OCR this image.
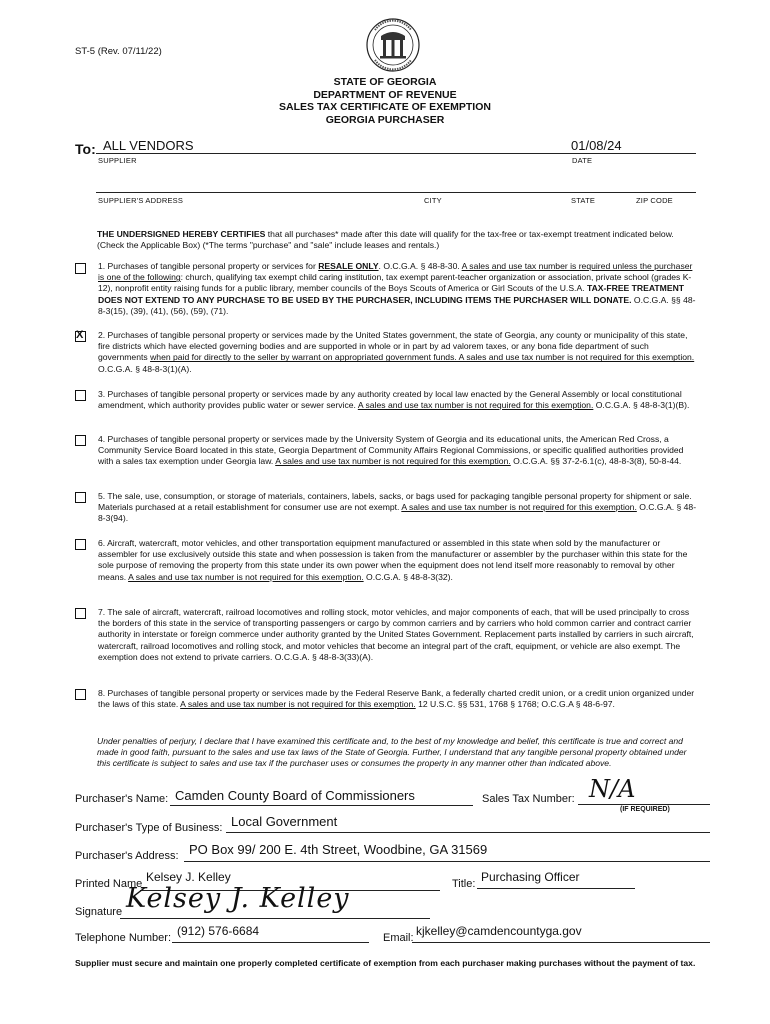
ST-5 (Rev. 07/11/22)
STATE OF GEORGIA
DEPARTMENT OF REVENUE
SALES TAX CERTIFICATE OF EXEMPTION
GEORGIA PURCHASER
To: ALL VENDORS
SUPPLIER
01/08/24
DATE
SUPPLIER'S ADDRESS	CITY	STATE	ZIP CODE
THE UNDERSIGNED HEREBY CERTIFIES that all purchases* made after this date will qualify for the tax-free or tax-exempt treatment indicated below. (Check the Applicable Box) (*The terms "purchase" and "sale" include leases and rentals.)
1. Purchases of tangible personal property or services for RESALE ONLY. O.C.G.A. § 48-8-30. A sales and use tax number is required unless the purchaser is one of the following: church, qualifying tax exempt child caring institution, tax exempt parent-teacher organization or association, private school (grades K-12), nonprofit entity raising funds for a public library, member councils of the Boys Scouts of America or Girl Scouts of the U.S.A. TAX-FREE TREATMENT DOES NOT EXTEND TO ANY PURCHASE TO BE USED BY THE PURCHASER, INCLUDING ITEMS THE PURCHASER WILL DONATE. O.C.G.A. §§ 48-8-3(15), (39), (41), (56), (59), (71).
X
2. Purchases of tangible personal property or services made by the United States government, the state of Georgia, any county or municipality of this state, fire districts which have elected governing bodies and are supported in whole or in part by ad valorem taxes, or any bona fide department of such governments when paid for directly to the seller by warrant on appropriated government funds. A sales and use tax number is not required for this exemption. O.C.G.A. § 48-8-3(1)(A).
3. Purchases of tangible personal property or services made by any authority created by local law enacted by the General Assembly or local constitutional amendment, which authority provides public water or sewer service. A sales and use tax number is not required for this exemption. O.C.G.A. § 48-8-3(1)(B).
4. Purchases of tangible personal property or services made by the University System of Georgia and its educational units, the American Red Cross, a Community Service Board located in this state, Georgia Department of Community Affairs Regional Commissions, or specific qualified authorities provided with a sales tax exemption under Georgia law. A sales and use tax number is not required for this exemption. O.C.G.A. §§ 37-2-6.1(c), 48-8-3(8), 50-8-44.
5. The sale, use, consumption, or storage of materials, containers, labels, sacks, or bags used for packaging tangible personal property for shipment or sale. Materials purchased at a retail establishment for consumer use are not exempt. A sales and use tax number is not required for this exemption. O.C.G.A. § 48-8-3(94).
6. Aircraft, watercraft, motor vehicles, and other transportation equipment manufactured or assembled in this state when sold by the manufacturer or assembler for use exclusively outside this state and when possession is taken from the manufacturer or assembler by the purchaser within this state for the sole purpose of removing the property from this state under its own power when the equipment does not lend itself more reasonably to removal by other means. A sales and use tax number is not required for this exemption. O.C.G.A. § 48-8-3(32).
7. The sale of aircraft, watercraft, railroad locomotives and rolling stock, motor vehicles, and major components of each, that will be used principally to cross the borders of this state in the service of transporting passengers or cargo by common carriers and by carriers who hold common carrier and contract carrier authority in interstate or foreign commerce under authority granted by the United States Government. Replacement parts installed by carriers in such aircraft, watercraft, railroad locomotives and rolling stock, and motor vehicles that become an integral part of the craft, equipment, or vehicle are also exempt. The exemption does not extend to private carriers. O.C.G.A. § 48-8-3(33)(A).
8. Purchases of tangible personal property or services made by the Federal Reserve Bank, a federally charted credit union, or a credit union organized under the laws of this state. A sales and use tax number is not required for this exemption. 12 U.S.C. §§ 531, 1768 § 1768; O.C.G.A § 48-6-97.
Under penalties of perjury, I declare that I have examined this certificate and, to the best of my knowledge and belief, this certificate is true and correct and made in good faith, pursuant to the sales and use tax laws of the State of Georgia. Further, I understand that any tangible personal property obtained under this certificate is subject to sales and use tax if the purchaser uses or consumes the property in any manner other than indicated above.
Purchaser's Name: Camden County Board of Commissioners	Sales Tax Number: N/A
(IF REQUIRED)
Purchaser's Type of Business: Local Government
Purchaser's Address: PO Box 99/ 200 E. 4th Street, Woodbine, GA 31569
Printed Name Kelsey J. Kelley	Title: Purchasing Officer
Signature Kelsey J. Kelley
Telephone Number: (912) 576-6684	Email: kjkelley@camdencountyga.gov
Supplier must secure and maintain one properly completed certificate of exemption from each purchaser making purchases without the payment of tax.
